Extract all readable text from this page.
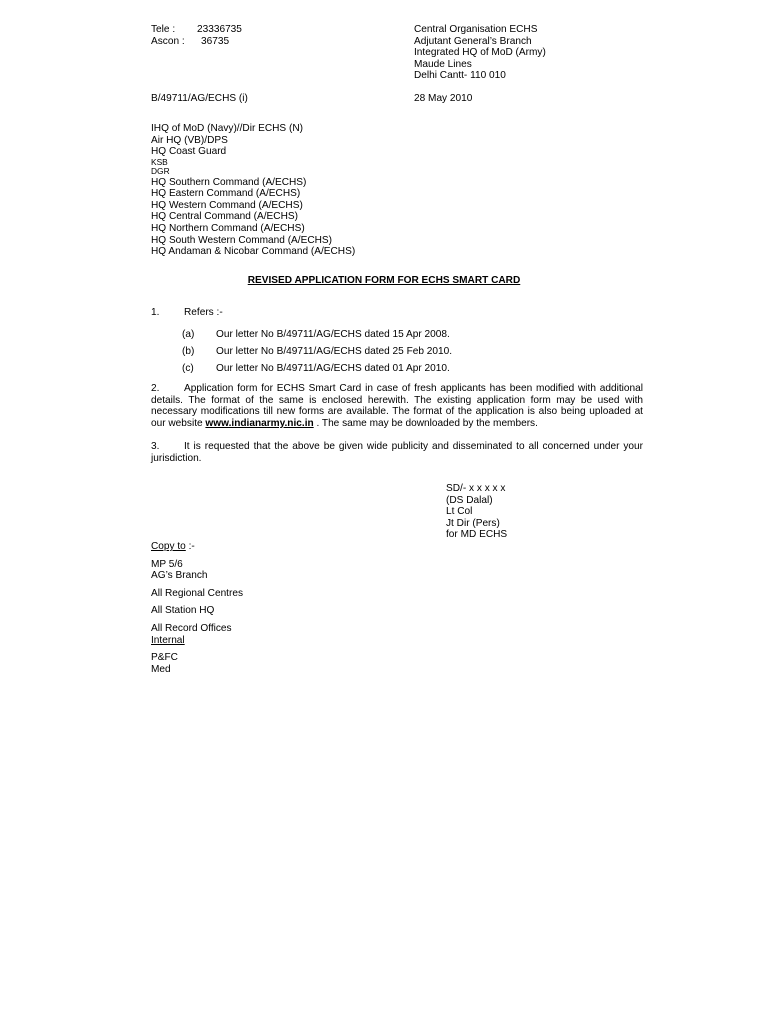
Tele : 23336735
Ascon : 36735
Central Organisation ECHS
Adjutant General’s Branch
Integrated HQ of MoD (Army)
Maude Lines
Delhi Cantt- 110 010
B/49711/AG/ECHS (i)	28 May 2010
IHQ of MoD (Navy)//Dir ECHS (N)
Air HQ (VB)/DPS
HQ Coast Guard
KSB
DGR
HQ Southern Command (A/ECHS)
HQ Eastern Command (A/ECHS)
HQ Western Command (A/ECHS)
HQ Central Command (A/ECHS)
HQ Northern Command (A/ECHS)
HQ South Western Command (A/ECHS)
HQ Andaman & Nicobar Command (A/ECHS)
REVISED APPLICATION FORM FOR ECHS SMART CARD
1. Refers :-
(a) Our letter No B/49711/AG/ECHS dated 15 Apr 2008.
(b) Our letter No B/49711/AG/ECHS dated 25 Feb 2010.
(c) Our letter No B/49711/AG/ECHS dated 01 Apr 2010.
2. Application form for ECHS Smart Card in case of fresh applicants has been modified with additional details. The format of the same is enclosed herewith. The existing application form may be used with necessary modifications till new forms are available. The format of the application is also being uploaded at our website www.indianarmy.nic.in . The same may be downloaded by the members.
3. It is requested that the above be given wide publicity and disseminated to all concerned under your jurisdiction.
SD/- x x x x x
(DS Dalal)
Lt Col
Jt Dir (Pers)
for MD ECHS
Copy to :-
MP 5/6
AG’s Branch
All Regional Centres
All Station HQ
All Record Offices
Internal
P&FC
Med
